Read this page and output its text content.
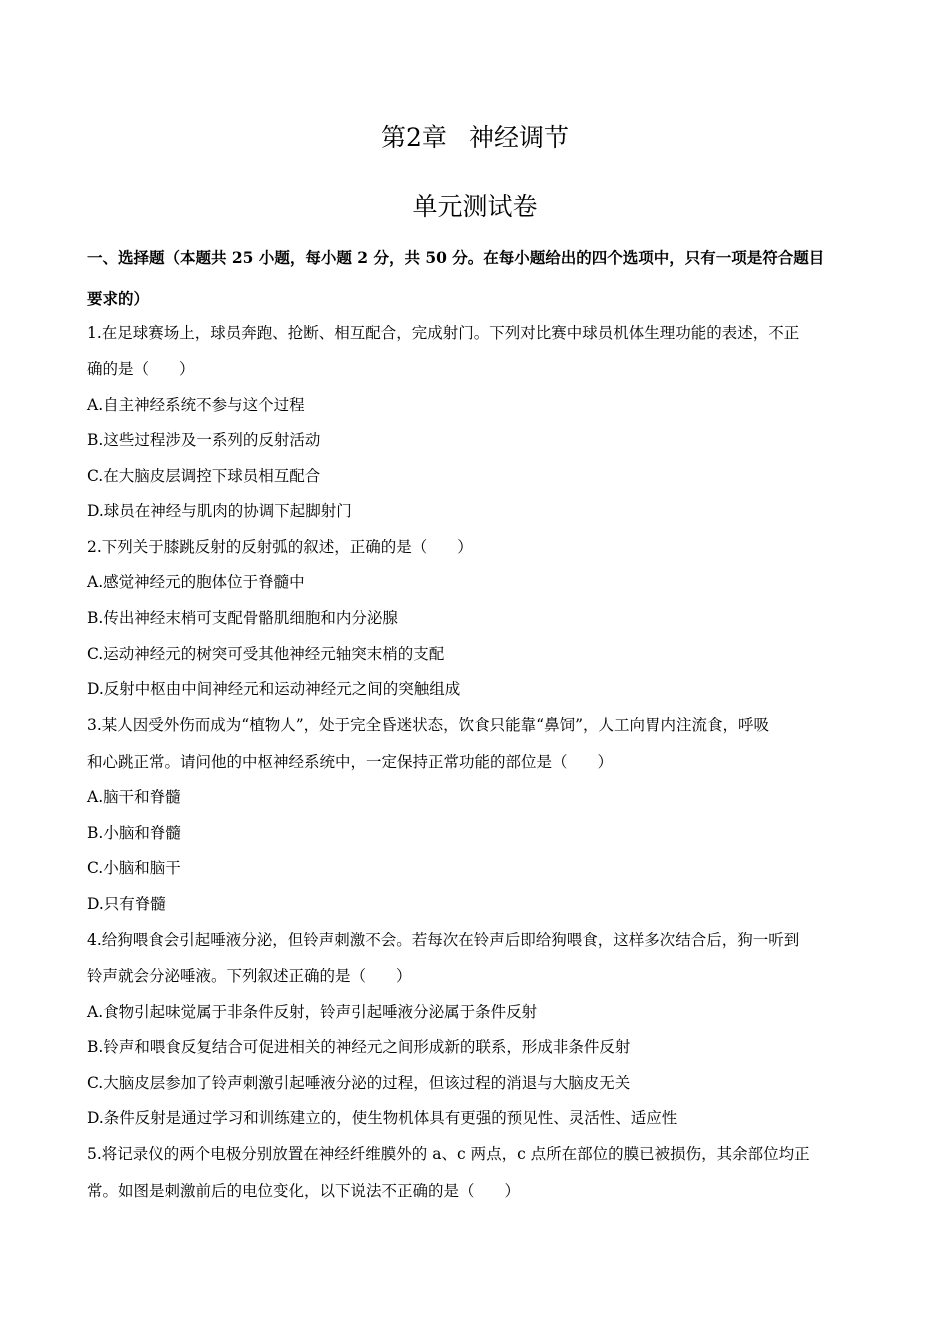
第2章 神经调节
单元测试卷
一、选择题（本题共 25 小题，每小题 2 分，共 50 分。在每小题给出的四个选项中，只有一项是符合题目
要求的）
1.在足球赛场上，球员奔跑、抢断、相互配合，完成射门。下列对比赛中球员机体生理功能的表述，不正
确的是（ ）
A.自主神经系统不参与这个过程
B.这些过程涉及一系列的反射活动
C.在大脑皮层调控下球员相互配合
D.球员在神经与肌肉的协调下起脚射门
2.下列关于膝跳反射的反射弧的叙述，正确的是（ ）
A.感觉神经元的胞体位于脊髓中
B.传出神经末梢可支配骨骼肌细胞和内分泌腺
C.运动神经元的树突可受其他神经元轴突末梢的支配
D.反射中枢由中间神经元和运动神经元之间的突触组成
3.某人因受外伤而成为“植物人”，处于完全昏迷状态，饮食只能靠“鼻饲”，人工向胃内注流食，呼吸
和心跳正常。请问他的中枢神经系统中，一定保持正常功能的部位是（ ）
A.脑干和脊髓
B.小脑和脊髓
C.小脑和脑干
D.只有脊髓
4.给狗喂食会引起唾液分泌，但铃声刺激不会。若每次在铃声后即给狗喂食，这样多次结合后，狗一听到
铃声就会分泌唾液。下列叙述正确的是（ ）
A.食物引起味觉属于非条件反射，铃声引起唾液分泌属于条件反射
B.铃声和喂食反复结合可促进相关的神经元之间形成新的联系，形成非条件反射
C.大脑皮层参加了铃声刺激引起唾液分泌的过程，但该过程的消退与大脑皮无关
D.条件反射是通过学习和训练建立的，使生物机体具有更强的预见性、灵活性、适应性
5.将记录仪的两个电极分别放置在神经纤维膜外的 a、c 两点，c 点所在部位的膜已被损伤，其余部位均正
常。如图是刺激前后的电位变化，以下说法不正确的是（ ）
